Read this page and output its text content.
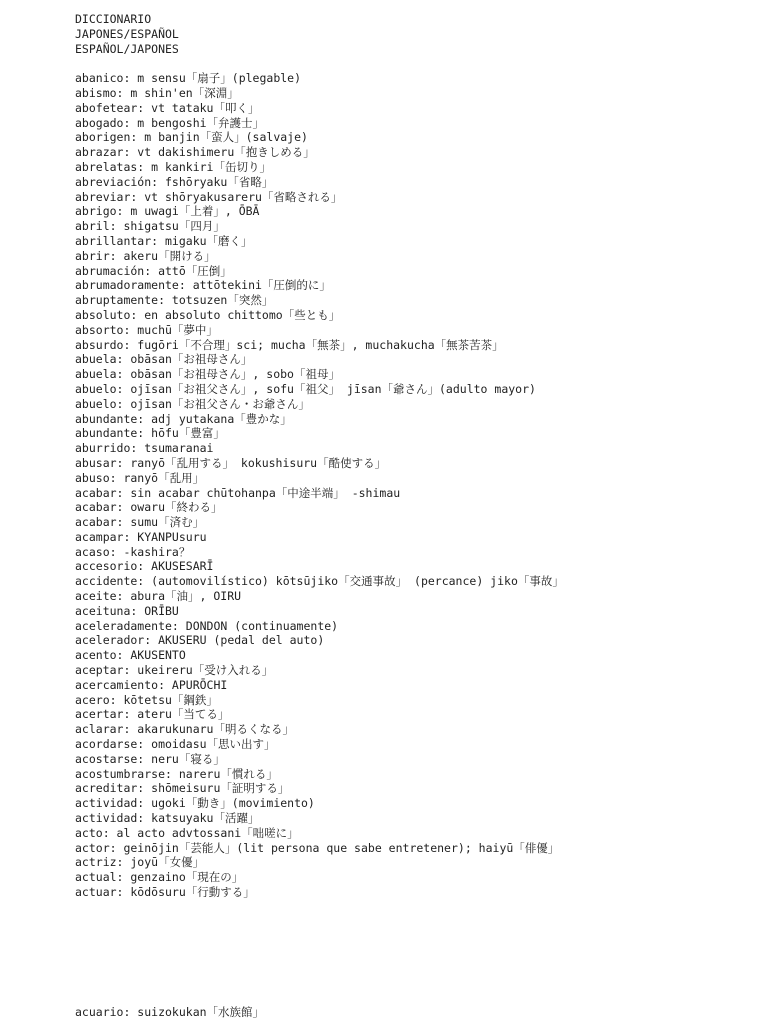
DICCIONARIO
JAPONES/ESPAÑOL
ESPAÑOL/JAPONES
abanico: m sensu「扇子」(plegable)
abismo: m shin'en「深淵」
abofetear: vt tataku「叩く」
abogado: m bengoshi「弁護士」
aborigen: m banjin「蛮人」(salvaje)
abrazar: vt dakishimeru「抱きしめる」
abrelatas: m kankiri「缶切り」
abreviación: fshōryaku「省略」
abreviar: vt shōryakusareru「省略される」
abrigo: m uwagi「上着」, ŌBĀ
abril: shigatsu「四月」
abrillantar: migaku「磨く」
abrir: akeru「開ける」
abrumación: attō「圧倒」
abrumadoramente: attōtekini「圧倒的に」
abruptamente: totsuzen「突然」
absoluto: en absoluto chittomo「些とも」
absorto: muchū「夢中」
absurdo: fugōri「不合理」sci; mucha「無茶」, muchakucha「無茶苦茶」
abuela: obāsan「お祖母さん」
abuela: obāsan「お祖母さん」, sobo「祖母」
abuelo: ojīsan「お祖父さん」, sofu「祖父」 jīsan「爺さん」(adulto mayor)
abuelo: ojīsan「お祖父さん・お爺さん」
abundante: adj yutakana「豊かな」
abundante: hōfu「豊富」
aburrido: tsumaranai
abusar: ranyō「乱用する」 kokushisuru「酷使する」
abuso: ranyō「乱用」
acabar: sin acabar chūtohanpa「中途半端」 -shimau
acabar: owaru「終わる」
acabar: sumu「済む」
acampar: KYANPUsuru
acaso: -kashira？
accesorio: AKUSESARĪ
accidente: (automovilístico) kōtsūjiko「交通事故」 (percance) jiko「事故」
aceite: abura「油」, OIRU
aceituna: ORĪBU
aceleradamente: DONDON (continuamente)
acelerador: AKUSERU (pedal del auto)
acento: AKUSENTO
aceptar: ukeireru「受け入れる」
acercamiento: APURŌCHI
acero: kōtetsu「鋼鉄」
acertar: ateru「当てる」
aclarar: akarukunaru「明るくなる」
acordarse: omoidasu「思い出す」
acostarse: neru「寝る」
acostumbrarse: nareru「慣れる」
acreditar: shōmeisuru「証明する」
actividad: ugoki「動き」(movimiento)
actividad: katsuyaku「活躍」
acto: al acto advtossani「咄嗟に」
actor: geinōjin「芸能人」(lit persona que sabe entretener); haiyū「俳優」
actriz: joyū「女優」
actual: genzaino「現在の」
actuar: kōdōsuru「行動する」
acuario: suizokukan「水族館」
